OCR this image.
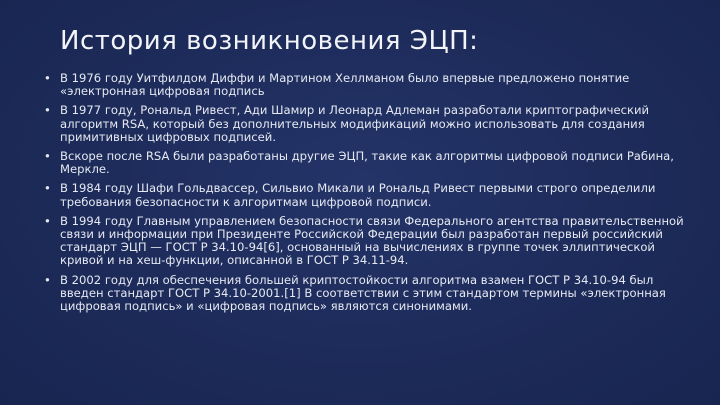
История возникновения ЭЦП:
• В 1976 году Уитфилдом Диффи и Мартином Хеллманом было впервые предложено понятие «электронная цифровая подпись
• В 1977 году, Рональд Ривест, Ади Шамир и Леонард Адлеман разработали криптографический алгоритм RSA, который без дополнительных модификаций можно использовать для создания примитивных цифровых подписей.
• Вскоре после RSA были разработаны другие ЭЦП, такие как алгоритмы цифровой подписи Рабина, Меркле.
• В 1984 году Шафи Гольдвассер, Сильвио Микали и Рональд Ривест первыми строго определили требования безопасности к алгоритмам цифровой подписи.
• В 1994 году Главным управлением безопасности связи Федерального агентства правительственной связи и информации при Президенте Российской Федерации был разработан первый российский стандарт ЭЦП — ГОСТ Р 34.10-94[6], основанный на вычислениях в группе точек эллиптической кривой и на хеш-функции, описанной в ГОСТ Р 34.11-94.
• В 2002 году для обеспечения большей криптостойкости алгоритма взамен ГОСТ Р 34.10-94 был введен стандарт ГОСТ Р 34.10-2001.[1] В соответствии с этим стандартом термины «электронная цифровая подпись» и «цифровая подпись» являются синонимами.
